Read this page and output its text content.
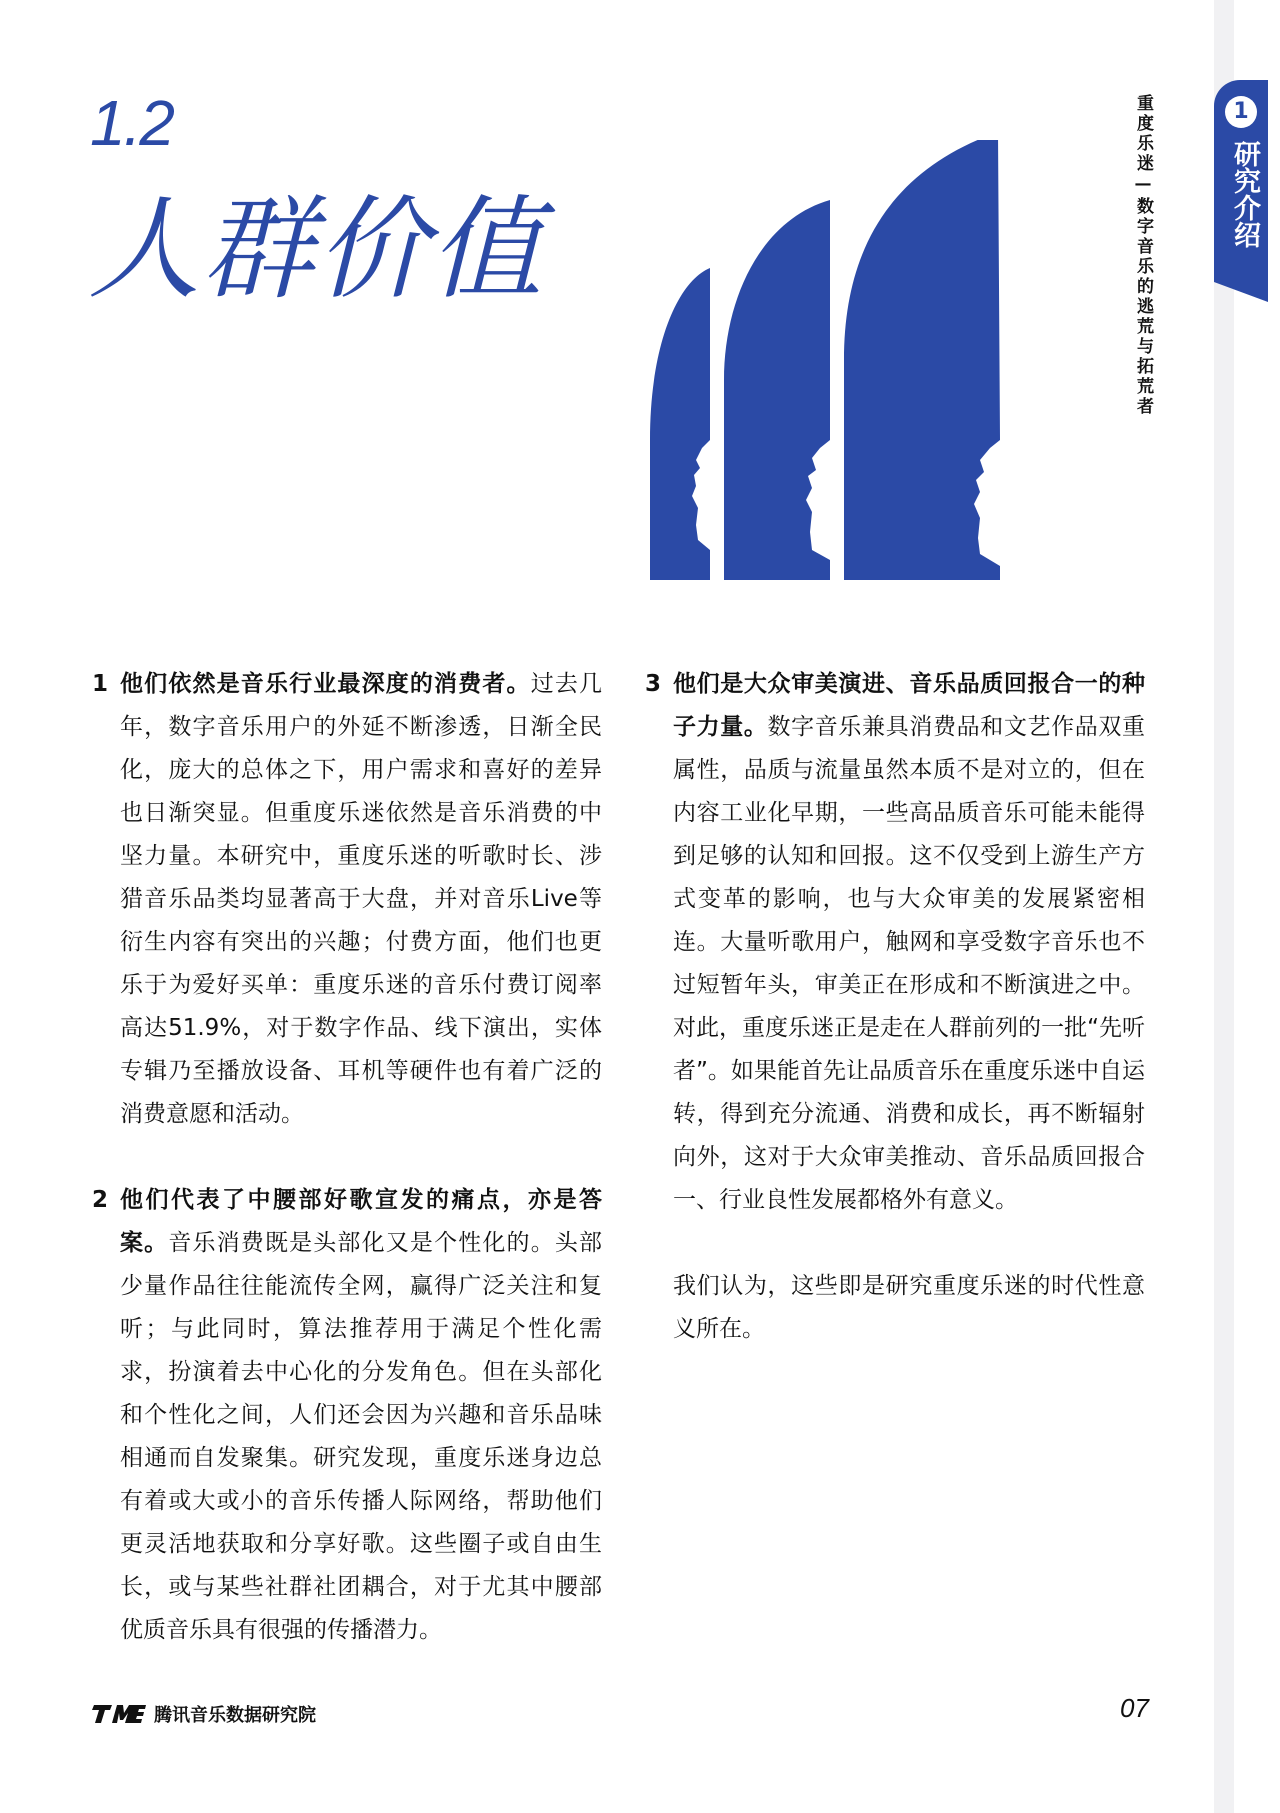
1
研究介绍
重度乐迷—数字音乐的逃荒与拓荒者
1.2
人群价值
1 他们依然是音乐行业最深度的消费者。过去几年，数字音乐用户的外延不断渗透，日渐全民化，庞大的总体之下，用户需求和喜好的差异也日渐突显。但重度乐迷依然是音乐消费的中坚力量。本研究中，重度乐迷的听歌时长、涉猎音乐品类均显著高于大盘，并对音乐Live等衍生内容有突出的兴趣；付费方面，他们也更乐于为爱好买单：重度乐迷的音乐付费订阅率高达51.9%，对于数字作品、线下演出，实体专辑乃至播放设备、耳机等硬件也有着广泛的消费意愿和活动。
2 他们代表了中腰部好歌宣发的痛点，亦是答案。音乐消费既是头部化又是个性化的。头部少量作品往往能流传全网，赢得广泛关注和复听；与此同时，算法推荐用于满足个性化需求，扮演着去中心化的分发角色。但在头部化和个性化之间，人们还会因为兴趣和音乐品味相通而自发聚集。研究发现，重度乐迷身边总有着或大或小的音乐传播人际网络，帮助他们更灵活地获取和分享好歌。这些圈子或自由生长，或与某些社群社团耦合，对于尤其中腰部优质音乐具有很强的传播潜力。
3 他们是大众审美演进、音乐品质回报合一的种子力量。数字音乐兼具消费品和文艺作品双重属性，品质与流量虽然本质不是对立的，但在内容工业化早期，一些高品质音乐可能未能得到足够的认知和回报。这不仅受到上游生产方式变革的影响，也与大众审美的发展紧密相连。大量听歌用户，触网和享受数字音乐也不过短暂年头，审美正在形成和不断演进之中。对此，重度乐迷正是走在人群前列的一批“先听者”。如果能首先让品质音乐在重度乐迷中自运转，得到充分流通、消费和成长，再不断辐射向外，这对于大众审美推动、音乐品质回报合一、行业良性发展都格外有意义。
我们认为，这些即是研究重度乐迷的时代性意义所在。
腾讯音乐数据研究院	07
